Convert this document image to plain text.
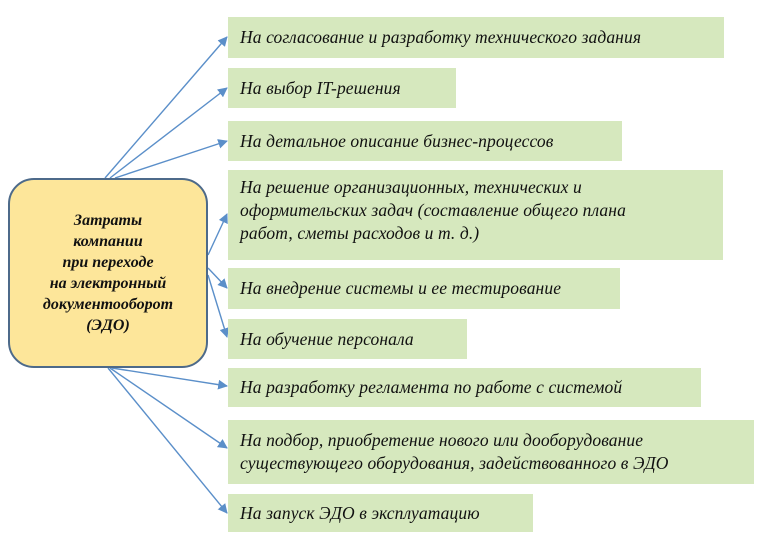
Затраты
компании
при переходе
на электронный
документооборот
(ЭДО)
На согласование и разработку технического задания
На выбор IT-решения
На детальное описание бизнес-процессов
На решение организационных, технических и
оформительских задач (составление общего плана
работ, сметы расходов и т. д.)
На внедрение системы и ее тестирование
На обучение персонала
На разработку регламента по работе с системой
На подбор, приобретение нового или дооборудование
существующего оборудования, задействованного в ЭДО
На запуск ЭДО в эксплуатацию
